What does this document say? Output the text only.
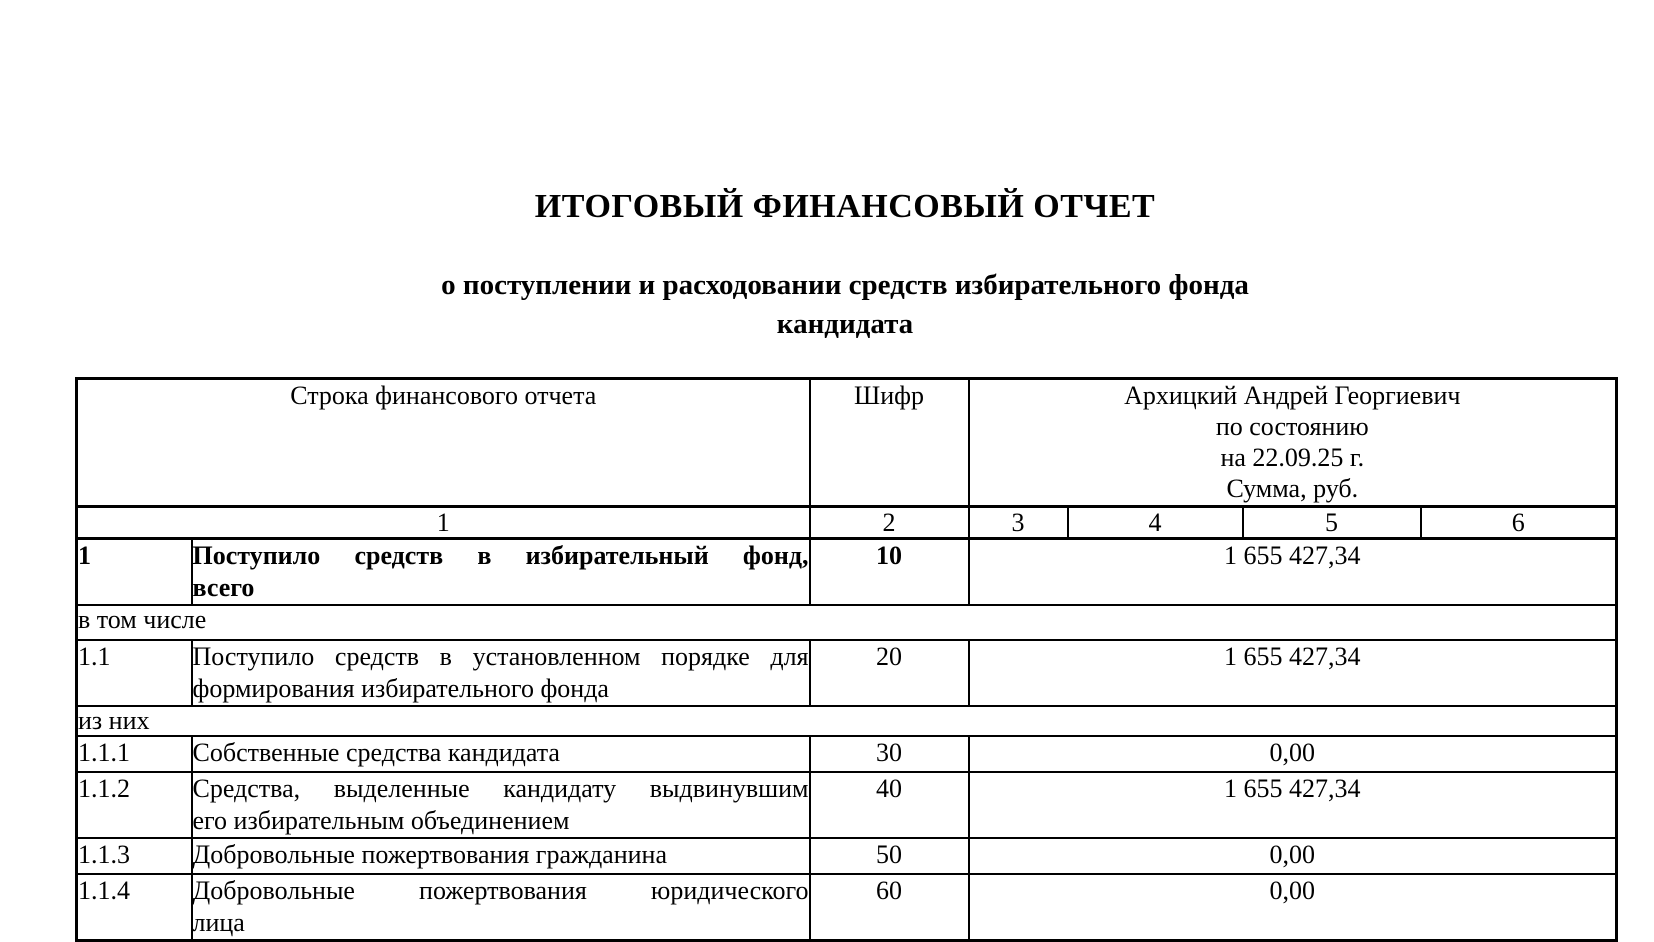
ИТОГОВЫЙ ФИНАНСОВЫЙ ОТЧЕТ
о поступлении и расходовании средств избирательного фонда
кандидата
Строка финансового отчета		Шифр	Архицкий Андрей Георгиевич
по состоянию
на 22.09.25 г.
Сумма, руб.			

1		2	3	4	5	6
1	Поступило средств в избирательный фонд,
всего	10	1 655 427,34			
в том числе						
1.1	Поступило средств в установленном порядке для
формирования избирательного фонда	20	1 655 427,34			
из них						
1.1.1	Собственные средства кандидата	30	0,00			
1.1.2	Средства, выделенные кандидату выдвинувшим
его избирательным объединением	40	1 655 427,34			
1.1.3	Добровольные пожертвования гражданина	50	0,00			
1.1.4	Добровольные пожертвования юридического
лица	60	0,00			
